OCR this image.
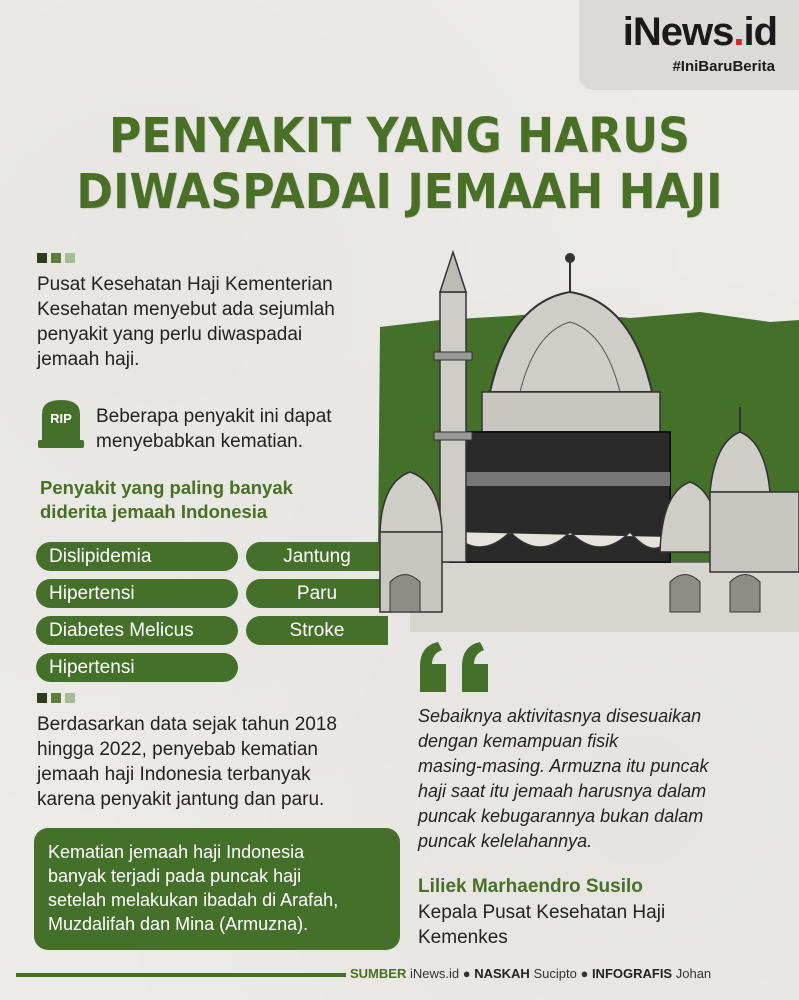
iNews.id
#IniBaruBerita
PENYAKIT YANG HARUS
DIWASPADAI JEMAAH HAJI
Pusat Kesehatan Haji Kementerian
Kesehatan menyebut ada sejumlah
penyakit yang perlu diwaspadai
jemaah haji.
RIP Beberapa penyakit ini dapat
menyebabkan kematian.
Penyakit yang paling banyak
diderita jemaah Indonesia
Dislipidemia
Hipertensi
Diabetes Melicus
Hipertensi
Jantung
Paru
Stroke
Berdasarkan data sejak tahun 2018
hingga 2022, penyebab kematian
jemaah haji Indonesia terbanyak
karena penyakit jantung dan paru.
Kematian jemaah haji Indonesia
banyak terjadi pada puncak haji
setelah melakukan ibadah di Arafah,
Muzdalifah dan Mina (Armuzna).
Sebaiknya aktivitasnya disesuaikan
dengan kemampuan fisik
masing-masing. Armuzna itu puncak
haji saat itu jemaah harusnya dalam
puncak kebugarannya bukan dalam
puncak kelelahannya.
Liliek Marhaendro Susilo
Kepala Pusat Kesehatan Haji
Kemenkes
SUMBER iNews.id ● NASKAH Sucipto ● INFOGRAFIS Johan
